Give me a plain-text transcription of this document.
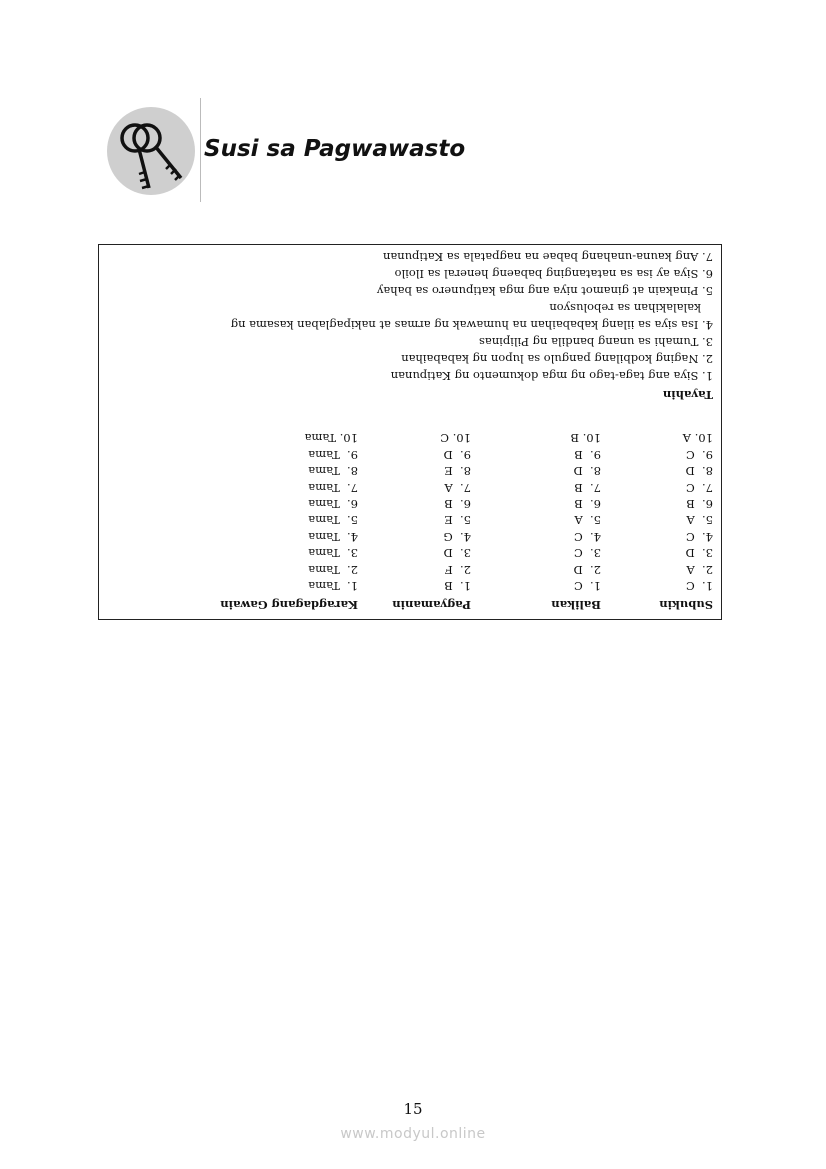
Susi sa Pagwawasto
Subukin
1.  C
2.  A
3.  D
4.  C
5.  A
6.  B
7.  C
8.  D
9.  C
10. A
Balikan
1.  C
2.  D
3.  C
4.  C
5.  A
6.  B
7.  B
8.  D
9.  B
10. B
Pagyamanin
1.  B
2.  F
3.  D
4.  G
5.  E
6.  B
7.  A
8.  E
9.  D
10. C
Karagdagang Gawain
1.  Tama
2.  Tama
3.  Tama
4.  Tama
5.  Tama
6.  Tama
7.  Tama
8.  Tama
9.  Tama
10. Tama
Tayahin
1. Siya ang taga-tago ng mga dokumento ng Katipunan
2. Naging kodbilang pangulo sa lupon ng kababaihan
3. Tumahi sa unang bandila ng Pilipinas
4. Isa siya sa iilang kababaihan na humawak ng armas at nakipaglaban kasama ng
kalalakihan sa rebolusyon
5. Pinakain at ginamot niya ang mga katipunero sa bahay
6. Siya ay isa sa natatanging babaeng heneral sa Iloilo
7. Ang kauna-unahang babae na nagpatala sa Katipunan
15
www.modyul.online
